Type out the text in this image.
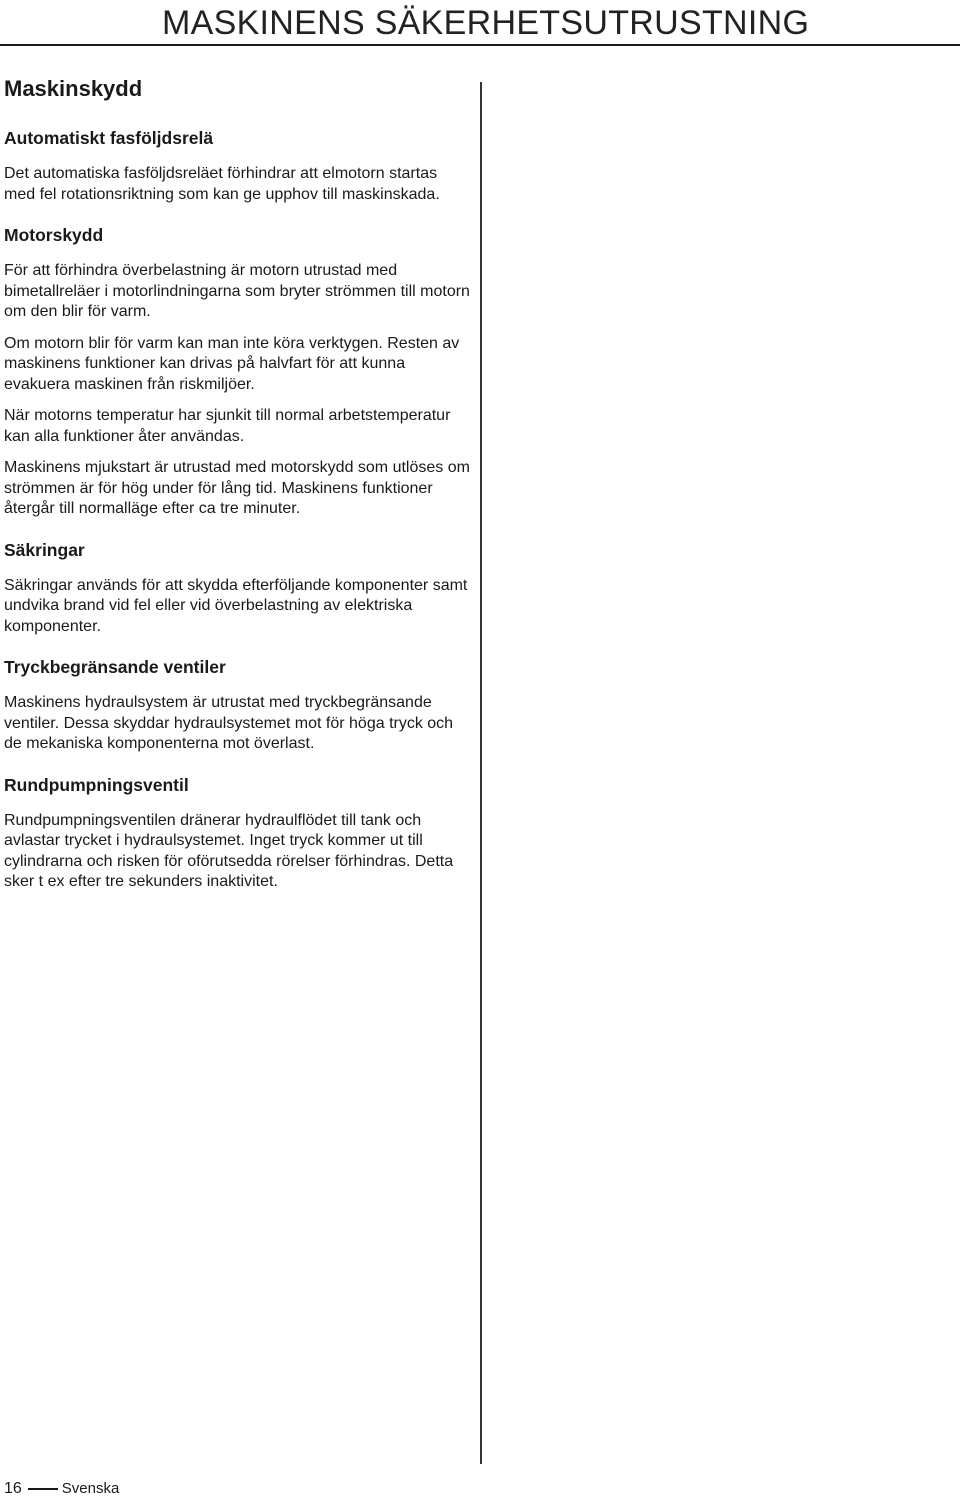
MASKINENS SÄKERHETSUTRUSTNING
Maskinskydd
Automatiskt fasföljdsrelä

Det automatiska fasföljdsreläet förhindrar att elmotorn startas med fel rotationsriktning som kan ge upphov till maskinskada.

Motorskydd

För att förhindra överbelastning är motorn utrustad med bimetallreläer i motorlindningarna som bryter strömmen till motorn om den blir för varm.

Om motorn blir för varm kan man inte köra verktygen. Resten av maskinens funktioner kan drivas på halvfart för att kunna evakuera maskinen från riskmiljöer.

När motorns temperatur har sjunkit till normal arbetstemperatur kan alla funktioner åter användas.

Maskinens mjukstart är utrustad med motorskydd som utlöses om strömmen är för hög under för lång tid. Maskinens funktioner återgår till normalläge efter ca tre minuter.

Säkringar

Säkringar används för att skydda efterföljande komponenter samt undvika brand vid fel eller vid överbelastning av elektriska komponenter.

Tryckbegränsande ventiler

Maskinens hydraulsystem är utrustat med tryckbegränsande ventiler. Dessa skyddar hydraulsystemet mot för höga tryck och de mekaniska komponenterna mot överlast.

Rundpumpningsventil

Rundpumpningsventilen dränerar hydraulflödet till tank och avlastar trycket i hydraulsystemet. Inget tryck kommer ut till cylindrarna och risken för oförutsedda rörelser förhindras. Detta sker t ex efter tre sekunders inaktivitet.

16	Svenska
